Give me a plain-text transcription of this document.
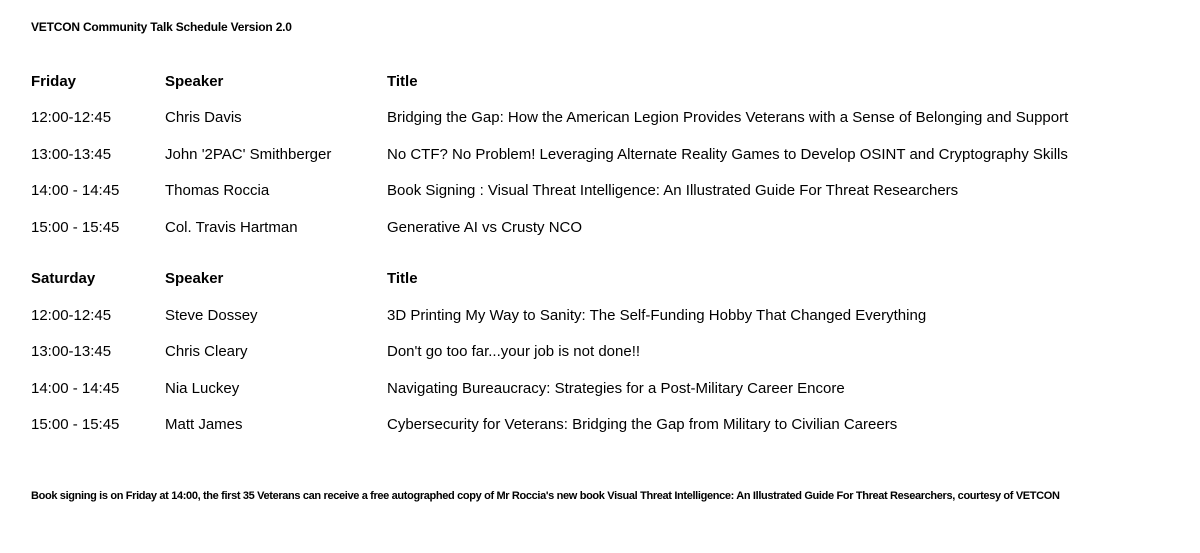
VETCON Community Talk Schedule Version 2.0
Friday	Speaker	Title
12:00-12:45	Chris Davis	Bridging the Gap: How the American Legion Provides Veterans with a Sense of Belonging and Support
13:00-13:45	John '2PAC' Smithberger	No CTF? No Problem! Leveraging Alternate Reality Games to Develop OSINT and Cryptography Skills
14:00 - 14:45	Thomas Roccia	Book Signing : Visual Threat Intelligence: An Illustrated Guide For Threat Researchers
15:00 - 15:45	Col. Travis Hartman	Generative AI vs Crusty NCO
Saturday	Speaker	Title
12:00-12:45	Steve Dossey	3D Printing My Way to Sanity: The Self-Funding Hobby That Changed Everything
13:00-13:45	Chris Cleary	Don't go too far...your job is not done!!
14:00 - 14:45	Nia Luckey	Navigating Bureaucracy: Strategies for a Post-Military Career Encore
15:00 - 15:45	Matt James	Cybersecurity for Veterans: Bridging the Gap from Military to Civilian Careers
Book signing is on Friday at 14:00, the first 35 Veterans can receive a free autographed copy of Mr Roccia's new book Visual Threat Intelligence: An Illustrated Guide For Threat Researchers, courtesy of VETCON
